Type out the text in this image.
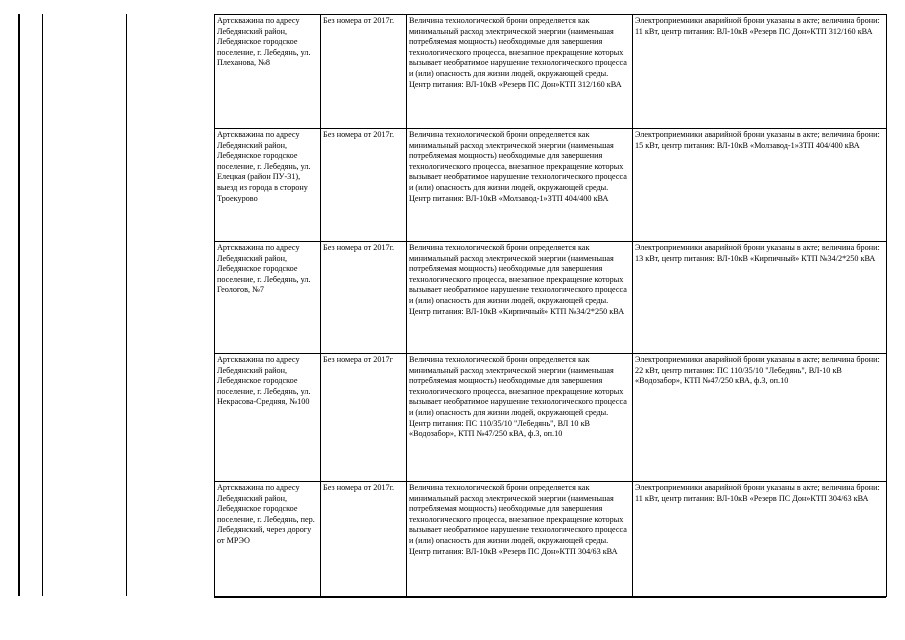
Артскважина по адресу Лебедянский район, Лебедянское городское поселение, г. Лебедянь, ул. Плеханова, №8	Без номера от 2017г.	Величина технологической брони определяется как минимальный расход электрической энергии (наименьшая потребляемая мощность) необходимые для завершения технологического процесса, внезапное прекращение которых вызывает необратимое нарушение технологического процесса и (или) опасность для жизни людей, окружающей среды. Центр питания: ВЛ-10кВ «Резерв ПС Дон»КТП 312/160 кВА	Электроприемники аварийной брони указаны в акте; величина брони: 11 кВт, центр питания: ВЛ-10кВ «Резерв ПС Дон»КТП 312/160 кВА
Артскважина по адресу Лебедянский район, Лебедянское городское поселение, г. Лебедянь, ул. Елецкая (район ПУ-31), выезд из города в сторону Троекурово	Без номера от 2017г.	Величина технологической брони определяется как минимальный расход электрической энергии (наименьшая потребляемая мощность) необходимые для завершения технологического процесса, внезапное прекращение которых вызывает необратимое нарушение технологического процесса и (или) опасность для жизни людей, окружающей среды. Центр питания: ВЛ-10кВ «Молзавод-1»ЗТП 404/400 кВА	Электроприемники аварийной брони указаны в акте; величина брони: 15 кВт, центр питания: ВЛ-10кВ «Молзавод-1»ЗТП 404/400 кВА
Артскважина по адресу Лебедянский район, Лебедянское городское поселение, г. Лебедянь, ул. Геологов, №7	Без номера от 2017г.	Величина технологической брони определяется как минимальный расход электрической энергии (наименьшая потребляемая мощность) необходимые для завершения технологического процесса, внезапное прекращение которых вызывает необратимое нарушение технологического процесса и (или) опасность для жизни людей, окружающей среды. Центр питания: ВЛ-10кВ «Кирпичный» КТП №34/2*250 кВА	Электроприемники аварийной брони указаны в акте; величина брони: 13 кВт, центр питания: ВЛ-10кВ «Кирпичный» КТП №34/2*250 кВА
Артскважина по адресу Лебедянский район, Лебедянское городское поселение, г. Лебедянь, ул. Некрасова-Средняя, №100	Без номера от 2017г	Величина технологической брони определяется как минимальный расход электрической энергии (наименьшая потребляемая мощность) необходимые для завершения технологического процесса, внезапное прекращение которых вызывает необратимое нарушение технологического процесса и (или) опасность для жизни людей, окружающей среды. Центр питания: ПС 110/35/10 "Лебедянь", ВЛ 10 кВ «Водозабор», КТП №47/250 кВА, ф.3, оп.10	Электроприемники аварийной брони указаны в акте; величина брони: 22 кВт, центр питания: ПС 110/35/10 "Лебедянь", ВЛ-10 кВ «Водозабор», КТП №47/250 кВА, ф.3, оп.10
Артскважина по адресу Лебедянский район, Лебедянское городское поселение, г. Лебедянь, пер. Лебедянский, через дорогу от МРЭО	Без номера от 2017г.	Величина технологической брони определяется как минимальный расход электрической энергии (наименьшая потребляемая мощность) необходимые для завершения технологического процесса, внезапное прекращение которых вызывает необратимое нарушение технологического процесса и (или) опасность для жизни людей, окружающей среды. Центр питания: ВЛ-10кВ «Резерв ПС Дон»КТП 304/63 кВА	Электроприемники аварийной брони указаны в акте; величина брони: 11 кВт, центр питания: ВЛ-10кВ «Резерв ПС Дон»КТП 304/63 кВА
